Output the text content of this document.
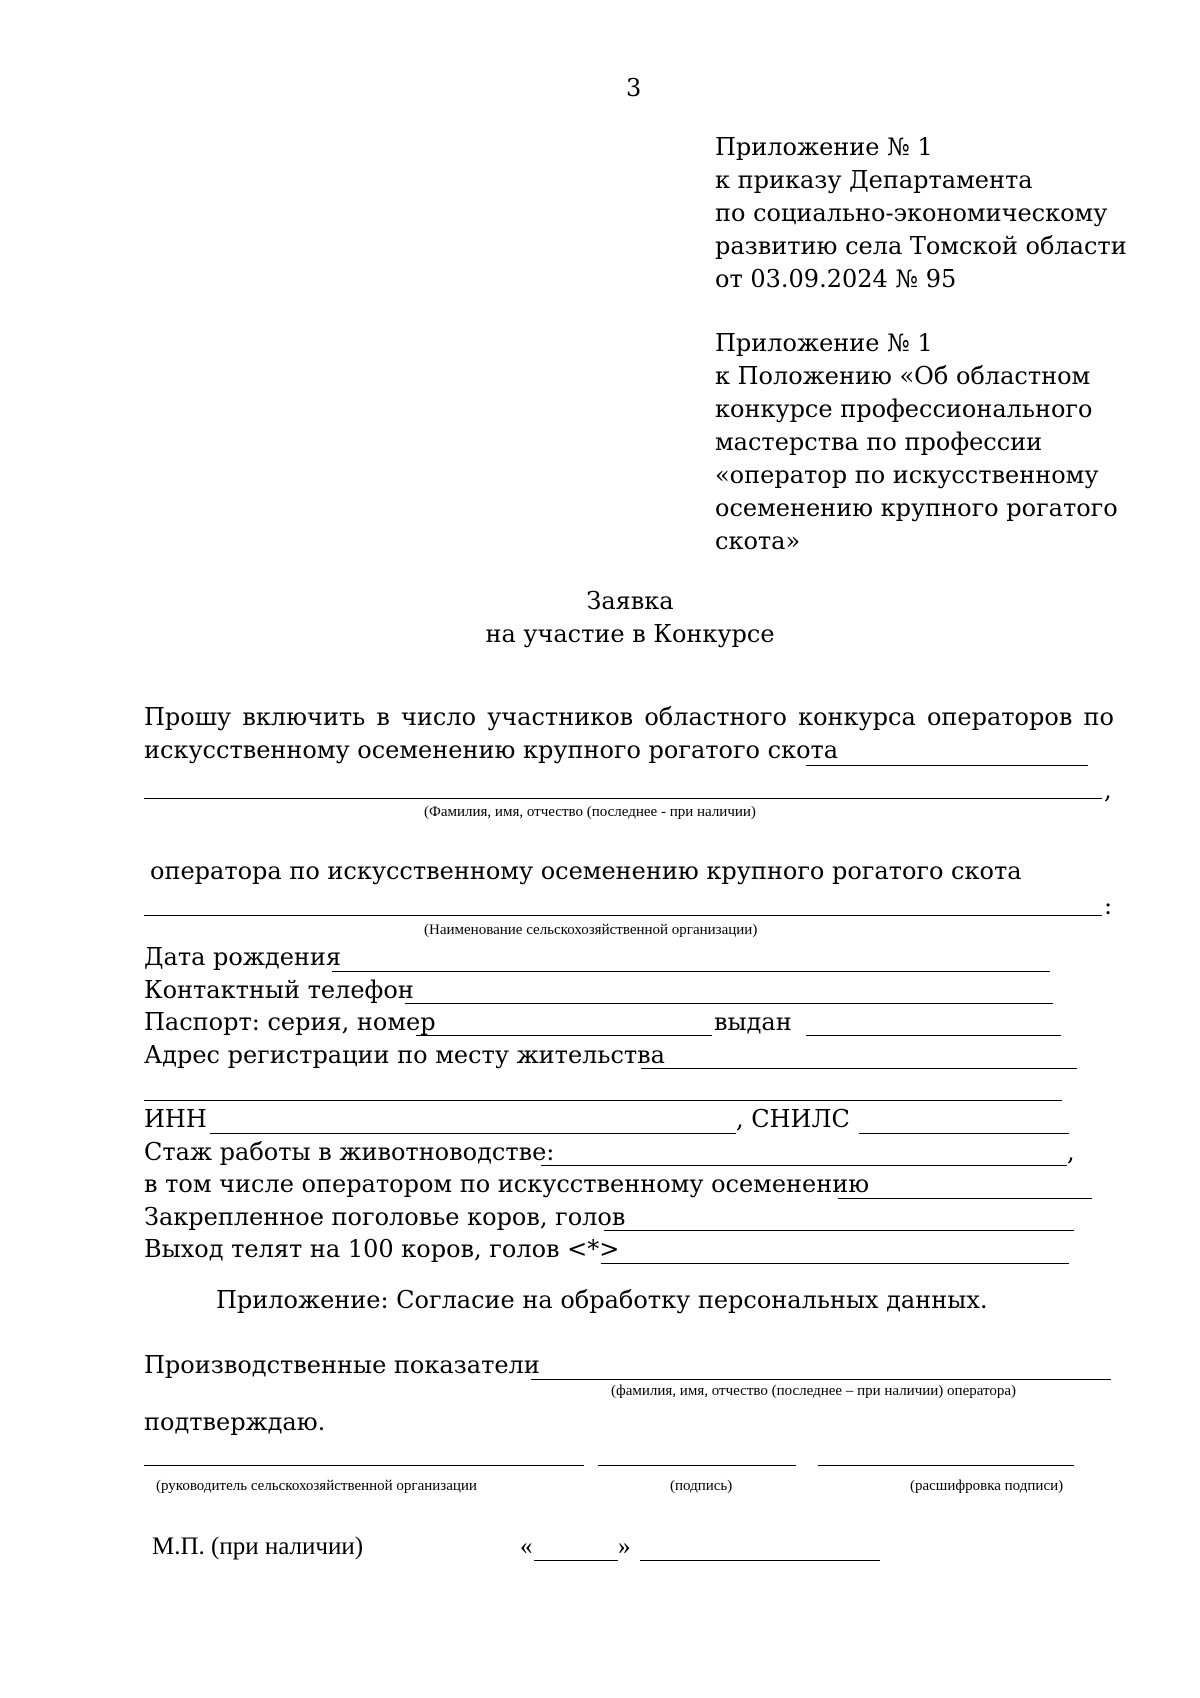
3
Приложение № 1
к приказу Департамента
по социально-экономическому
развитию села Томской области
от 03.09.2024 № 95
Приложение № 1
к Положению «Об областном
конкурсе профессионального
мастерства по профессии
«оператор по искусственному
осеменению крупного рогатого
скота»
Заявка
на участие в Конкурсе
Прошу включить в число участников областного конкурса операторов по
искусственному осеменению крупного рогатого скота
,
(Фамилия, имя, отчество (последнее - при наличии)
оператора по искусственному осеменению крупного рогатого скота
:
(Наименование сельскохозяйственной организации)
Дата рождения
Контактный телефон
Паспорт: серия, номер	выдан
Адрес регистрации по месту жительства
ИНН	, СНИЛС
Стаж работы в животноводстве:	,
в том числе оператором по искусственному осеменению
Закрепленное поголовье коров, голов
Выход телят на 100 коров, голов <*>
Приложение: Согласие на обработку персональных данных.
Производственные показатели
(фамилия, имя, отчество (последнее – при наличии) оператора)
подтверждаю.
(руководитель сельскохозяйственной организации	(подпись)	(расшифровка подписи)
М.П. (при наличии)	«	»
